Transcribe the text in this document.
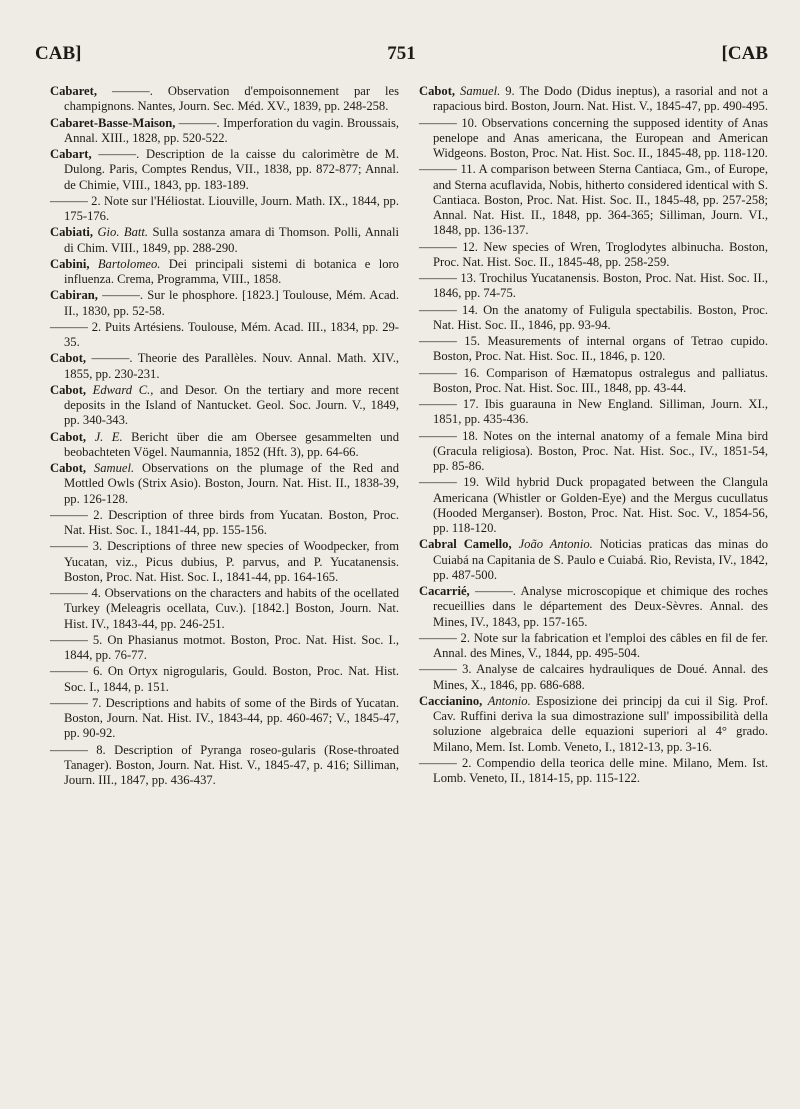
CAB]	751	[CAB

Cabaret, ———. Observation d'empoisonnement par les champignons. Nantes, Journ. Sec. Méd. XV., 1839, pp. 248-258.

Cabaret-Basse-Maison, ———. Imperforation du vagin. Broussais, Annal. XIII., 1828, pp. 520-522.

Cabart, ———. Description de la caisse du calorimètre de M. Dulong. Paris, Comptes Rendus, VII., 1838, pp. 872-877; Annal. de Chimie, VIII., 1843, pp. 183-189.

——— 2. Note sur l'Héliostat. Liouville, Journ. Math. IX., 1844, pp. 175-176.

Cabiati, Gio. Batt. Sulla sostanza amara di Thomson. Polli, Annali di Chim. VIII., 1849, pp. 288-290.

Cabini, Bartolomeo. Dei principali sistemi di botanica e loro influenza. Crema, Programma, VIII., 1858.

Cabiran, ———. Sur le phosphore. [1823.] Toulouse, Mém. Acad. II., 1830, pp. 52-58.

——— 2. Puits Artésiens. Toulouse, Mém. Acad. III., 1834, pp. 29-35.

Cabot, ———. Theorie des Parallèles. Nouv. Annal. Math. XIV., 1855, pp. 230-231.

Cabot, Edward C., and Desor. On the tertiary and more recent deposits in the Island of Nantucket. Geol. Soc. Journ. V., 1849, pp. 340-343.

Cabot, J. E. Bericht über die am Obersee gesammelten und beobachteten Vögel. Naumannia, 1852 (Hft. 3), pp. 64-66.

Cabot, Samuel. Observations on the plumage of the Red and Mottled Owls (Strix Asio). Boston, Journ. Nat. Hist. II., 1838-39, pp. 126-128.

——— 2. Description of three birds from Yucatan. Boston, Proc. Nat. Hist. Soc. I., 1841-44, pp. 155-156.

——— 3. Descriptions of three new species of Woodpecker, from Yucatan, viz., Picus dubius, P. parvus, and P. Yucatanensis. Boston, Proc. Nat. Hist. Soc. I., 1841-44, pp. 164-165.

——— 4. Observations on the characters and habits of the ocellated Turkey (Meleagris ocellata, Cuv.). [1842.] Boston, Journ. Nat. Hist. IV., 1843-44, pp. 246-251.

——— 5. On Phasianus motmot. Boston, Proc. Nat. Hist. Soc. I., 1844, pp. 76-77.

——— 6. On Ortyx nigrogularis, Gould. Boston, Proc. Nat. Hist. Soc. I., 1844, p. 151.

——— 7. Descriptions and habits of some of the Birds of Yucatan. Boston, Journ. Nat. Hist. IV., 1843-44, pp. 460-467; V., 1845-47, pp. 90-92.

——— 8. Description of Pyranga roseo-gularis (Rose-throated Tanager). Boston, Journ. Nat. Hist. V., 1845-47, p. 416; Silliman, Journ. III., 1847, pp. 436-437.

Cabot, Samuel. 9. The Dodo (Didus ineptus), a rasorial and not a rapacious bird. Boston, Journ. Nat. Hist. V., 1845-47, pp. 490-495.

——— 10. Observations concerning the supposed identity of Anas penelope and Anas americana, the European and American Widgeons. Boston, Proc. Nat. Hist. Soc. II., 1845-48, pp. 118-120.

——— 11. A comparison between Sterna Cantiaca, Gm., of Europe, and Sterna acuflavida, Nobis, hitherto considered identical with S. Cantiaca. Boston, Proc. Nat. Hist. Soc. II., 1845-48, pp. 257-258; Annal. Nat. Hist. II., 1848, pp. 364-365; Silliman, Journ. VI., 1848, pp. 136-137.

——— 12. New species of Wren, Troglodytes albinucha. Boston, Proc. Nat. Hist. Soc. II., 1845-48, pp. 258-259.

——— 13. Trochilus Yucatanensis. Boston, Proc. Nat. Hist. Soc. II., 1846, pp. 74-75.

——— 14. On the anatomy of Fuligula spectabilis. Boston, Proc. Nat. Hist. Soc. II., 1846, pp. 93-94.

——— 15. Measurements of internal organs of Tetrao cupido. Boston, Proc. Nat. Hist. Soc. II., 1846, p. 120.

——— 16. Comparison of Hæmatopus ostralegus and palliatus. Boston, Proc. Nat. Hist. Soc. III., 1848, pp. 43-44.

——— 17. Ibis guarauna in New England. Silliman, Journ. XI., 1851, pp. 435-436.

——— 18. Notes on the internal anatomy of a female Mina bird (Gracula religiosa). Boston, Proc. Nat. Hist. Soc., IV., 1851-54, pp. 85-86.

——— 19. Wild hybrid Duck propagated between the Clangula Americana (Whistler or Golden-Eye) and the Mergus cucullatus (Hooded Merganser). Boston, Proc. Nat. Hist. Soc. V., 1854-56, pp. 118-120.

Cabral Camello, João Antonio. Noticias praticas das minas do Cuiabá na Capitania de S. Paulo e Cuiabá. Rio, Revista, IV., 1842, pp. 487-500.

Cacarrié, ———. Analyse microscopique et chimique des roches recueillies dans le département des Deux-Sèvres. Annal. des Mines, IV., 1843, pp. 157-165.

——— 2. Note sur la fabrication et l'emploi des câbles en fil de fer. Annal. des Mines, V., 1844, pp. 495-504.

——— 3. Analyse de calcaires hydrauliques de Doué. Annal. des Mines, X., 1846, pp. 686-688.

Caccianino, Antonio. Esposizione dei principj da cui il Sig. Prof. Cav. Ruffini deriva la sua dimostrazione sull' impossibilità della soluzione algebraica delle equazioni superiori al 4° grado. Milano, Mem. Ist. Lomb. Veneto, I., 1812-13, pp. 3-16.

——— 2. Compendio della teorica delle mine. Milano, Mem. Ist. Lomb. Veneto, II., 1814-15, pp. 115-122.
